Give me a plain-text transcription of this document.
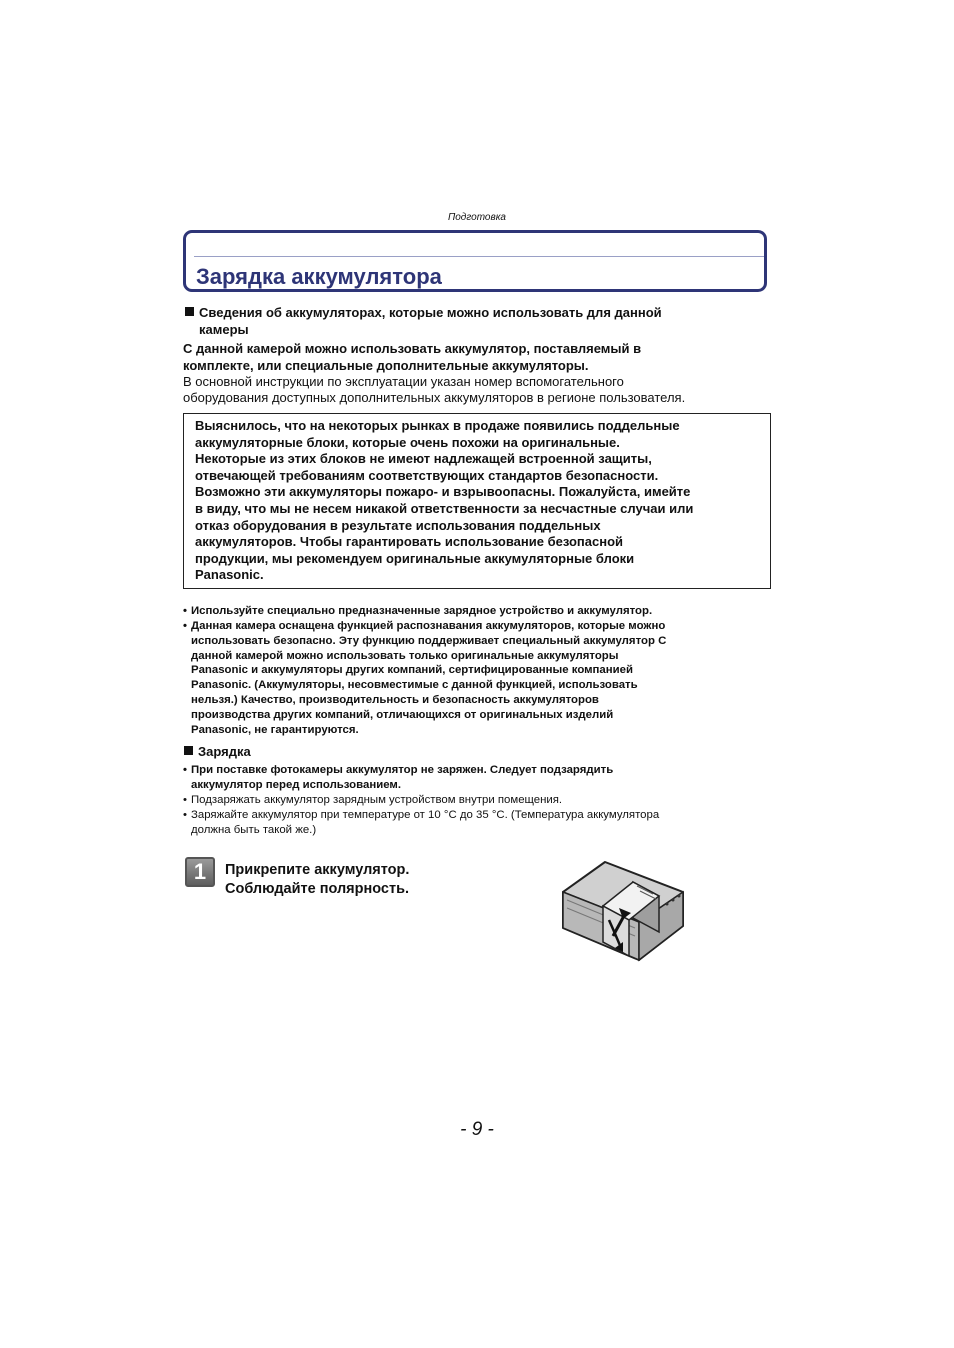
Подготовка
Зарядка аккумулятора
Сведения об аккумуляторах, которые можно использовать для данной
камеры
С данной камерой можно использовать аккумулятор, поставляемый в
комплекте, или специальные дополнительные аккумуляторы.
В основной инструкции по эксплуатации указан номер вспомогательного
оборудования доступных дополнительных аккумуляторов в регионе пользователя.
Выяснилось, что на некоторых рынках в продаже появились поддельные
аккумуляторные блоки, которые очень похожи на оригинальные.
Некоторые из этих блоков не имеют надлежащей встроенной защиты,
отвечающей требованиям соответствующих стандартов безопасности.
Возможно эти аккумуляторы пожаро- и взрывоопасны. Пожалуйста, имейте
в виду, что мы не несем никакой ответственности за несчастные случаи или
отказ оборудования в результате использования поддельных
аккумуляторов. Чтобы гарантировать использование безопасной
продукции, мы рекомендуем оригинальные аккумуляторные блоки
Panasonic.
• Используйте специально предназначенные зарядное устройство и аккумулятор.
• Данная камера оснащена функцией распознавания аккумуляторов, которые можно
использовать безопасно. Эту функцию поддерживает специальный аккумулятор С
данной камерой можно использовать только оригинальные аккумуляторы
Panasonic и аккумуляторы других компаний, сертифицированные компанией
Panasonic. (Аккумуляторы, несовместимые с данной функцией, использовать
нельзя.) Качество, производительность и безопасность аккумуляторов
производства других компаний, отличающихся от оригинальных изделий
Panasonic, не гарантируются.
Зарядка
• При поставке фотокамеры аккумулятор не заряжен. Следует подзарядить
аккумулятор перед использованием.
• Подзаряжать аккумулятор зарядным устройством внутри помещения.
• Заряжайте аккумулятор при температуре от 10 °C до 35 °C. (Температура аккумулятора
должна быть такой же.)
1	Прикрепите аккумулятор.
Соблюдайте полярность.
- 9 -
